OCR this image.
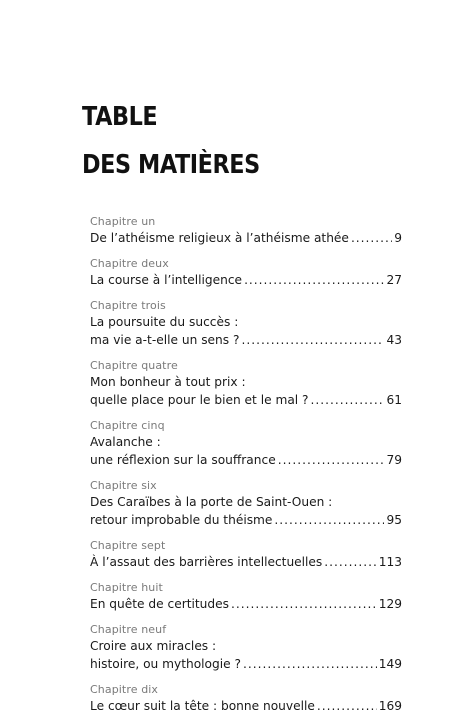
TABLE
DES MATIÈRES
Chapitre un
De l’athéisme religieux à l’athéisme athée .....	9
Chapitre deux
La course à l’intelligence .....	27
Chapitre trois
La poursuite du succès :
ma vie a-t-elle un sens ? .....	43
Chapitre quatre
Mon bonheur à tout prix :
quelle place pour le bien et le mal ? .....	61
Chapitre cinq
Avalanche :
une réflexion sur la souffrance .....	79
Chapitre six
Des Caraïbes à la porte de Saint-Ouen :
retour improbable du théisme .....	95
Chapitre sept
À l’assaut des barrières intellectuelles .....	113
Chapitre huit
En quête de certitudes .....	129
Chapitre neuf
Croire aux miracles :
histoire, ou mythologie ? .....	149
Chapitre dix
Le cœur suit la tête : bonne nouvelle .....	169
